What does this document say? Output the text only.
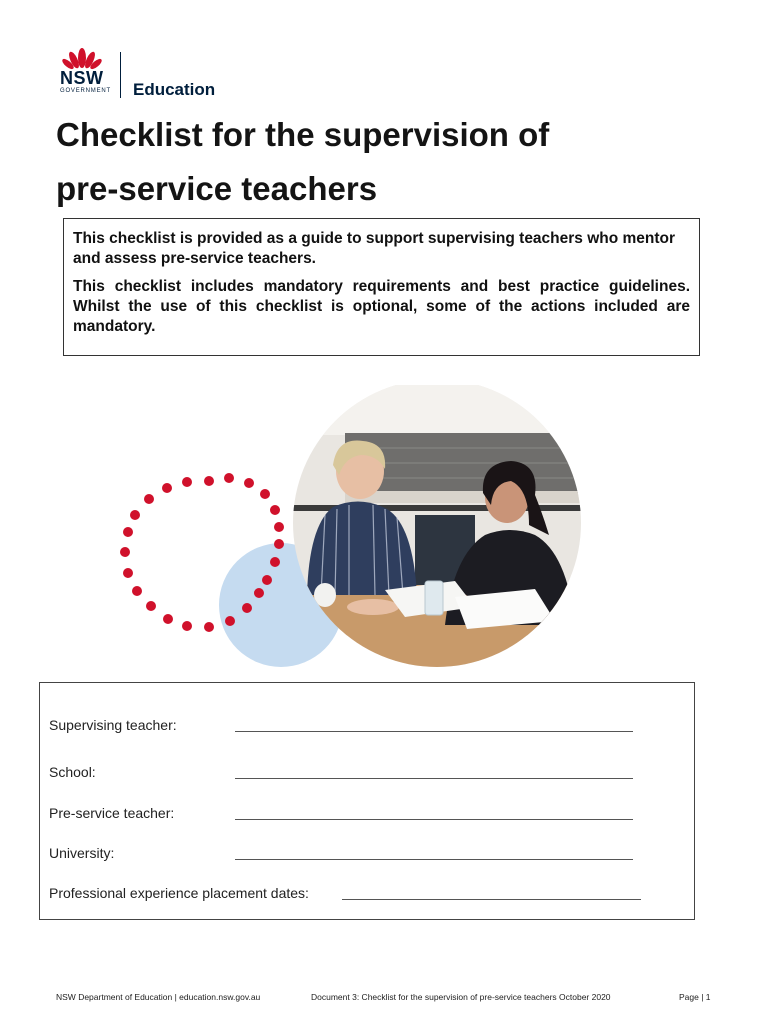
NSW
GOVERNMENT Education
Checklist for the supervision of
pre-service teachers

This checklist is provided as a guide to support supervising teachers who mentor and assess pre-service teachers.

This checklist includes mandatory requirements and best practice guidelines. Whilst the use of this checklist is optional, some of the actions included are mandatory.

Supervising teacher:
School:
Pre-service teacher:
University:
Professional experience placement dates:
NSW Department of Education | education.nsw.gov.au	Document 3: Checklist for the supervision of pre-service teachers October 2020	Page | 1
